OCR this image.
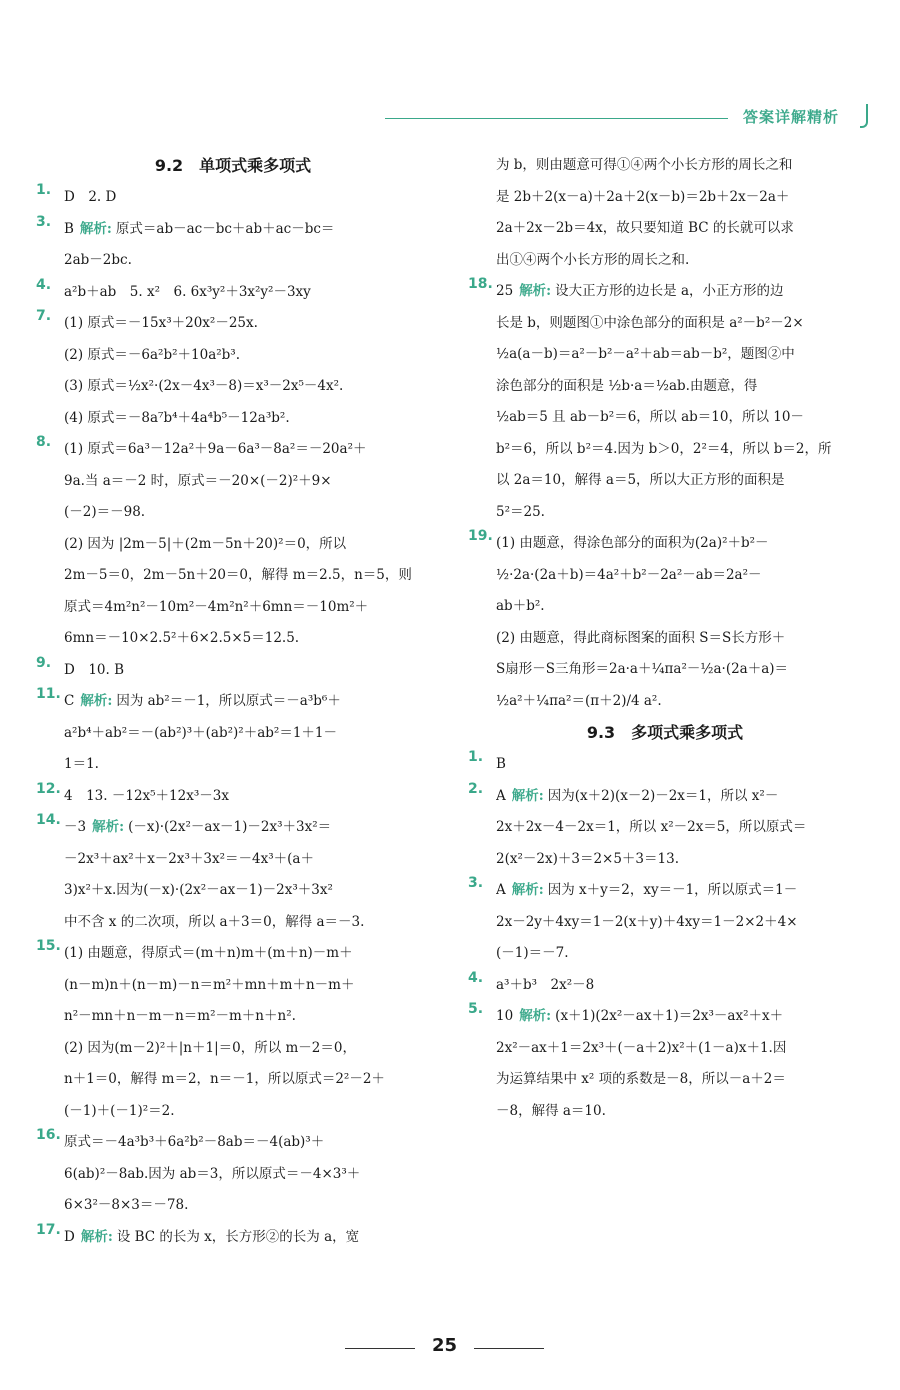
答案详解精析
9.2　单项式乘多项式
1. D　2. D
3. B 解析: 原式＝ab－ac－bc＋ab＋ac－bc＝
2ab－2bc.
4. a²b＋ab　5. x²　6. 6x³y²＋3x²y²－3xy
7. (1) 原式＝－15x³＋20x²－25x.
(2) 原式＝－6a²b²＋10a²b³.
(3) 原式＝½x²·(2x－4x³－8)＝x³－2x⁵－4x².
(4) 原式＝－8a⁷b⁴＋4a⁴b⁵－12a³b².
8. (1) 原式＝6a³－12a²＋9a－6a³－8a²＝－20a²＋
9a.当 a＝－2 时，原式＝－20×(－2)²＋9×
(－2)＝－98.
(2) 因为 |2m－5|＋(2m－5n＋20)²＝0，所以
2m－5＝0，2m－5n＋20＝0，解得 m＝2.5，n＝5，则
原式＝4m²n²－10m²－4m²n²＋6mn＝－10m²＋
6mn＝－10×2.5²＋6×2.5×5＝12.5.
9. D　10. B
11. C 解析: 因为 ab²＝－1，所以原式＝－a³b⁶＋
a²b⁴＋ab²＝－(ab²)³＋(ab²)²＋ab²＝1＋1－
1＝1.
12. 4　13. －12x⁵＋12x³－3x
14. －3 解析: (－x)·(2x²－ax－1)－2x³＋3x²＝
－2x³＋ax²＋x－2x³＋3x²＝－4x³＋(a＋
3)x²＋x.因为(－x)·(2x²－ax－1)－2x³＋3x²
中不含 x 的二次项，所以 a＋3＝0，解得 a＝－3.
15. (1) 由题意，得原式＝(m＋n)m＋(m＋n)－m＋
(n－m)n＋(n－m)－n＝m²＋mn＋m＋n－m＋
n²－mn＋n－m－n＝m²－m＋n＋n².
(2) 因为(m－2)²＋|n＋1|＝0，所以 m－2＝0，
n＋1＝0，解得 m＝2，n＝－1，所以原式＝2²－2＋
(－1)＋(－1)²＝2.
16. 原式＝－4a³b³＋6a²b²－8ab＝－4(ab)³＋
6(ab)²－8ab.因为 ab＝3，所以原式＝－4×3³＋
6×3²－8×3＝－78.
17. D 解析: 设 BC 的长为 x，长方形②的长为 a，宽
为 b，则由题意可得①④两个小长方形的周长之和
是 2b＋2(x－a)＋2a＋2(x－b)＝2b＋2x－2a＋
2a＋2x－2b＝4x，故只要知道 BC 的长就可以求
出①④两个小长方形的周长之和.
18. 25 解析: 设大正方形的边长是 a，小正方形的边
长是 b，则题图①中涂色部分的面积是 a²－b²－2×
½a(a－b)＝a²－b²－a²＋ab＝ab－b²，题图②中
涂色部分的面积是 ½b·a＝½ab.由题意，得
½ab＝5 且 ab－b²＝6，所以 ab＝10，所以 10－
b²＝6，所以 b²＝4.因为 b＞0，2²＝4，所以 b＝2，所
以 2a＝10，解得 a＝5，所以大正方形的面积是
5²＝25.
19. (1) 由题意，得涂色部分的面积为(2a)²＋b²－
½·2a·(2a＋b)＝4a²＋b²－2a²－ab＝2a²－
ab＋b².
(2) 由题意，得此商标图案的面积 S＝S长方形＋
S扇形－S三角形＝2a·a＋¼πa²－½a·(2a＋a)＝
½a²＋¼πa²＝(π＋2)/4 a².
9.3　多项式乘多项式
1. B
2. A 解析: 因为(x＋2)(x－2)－2x＝1，所以 x²－
2x＋2x－4－2x＝1，所以 x²－2x＝5，所以原式＝
2(x²－2x)＋3＝2×5＋3＝13.
3. A 解析: 因为 x＋y＝2，xy＝－1，所以原式＝1－
2x－2y＋4xy＝1－2(x＋y)＋4xy＝1－2×2＋4×
(－1)＝－7.
4. a³＋b³　2x²－8
5. 10 解析: (x＋1)(2x²－ax＋1)＝2x³－ax²＋x＋
2x²－ax＋1＝2x³＋(－a＋2)x²＋(1－a)x＋1.因
为运算结果中 x² 项的系数是－8，所以－a＋2＝
－8，解得 a＝10.
25
